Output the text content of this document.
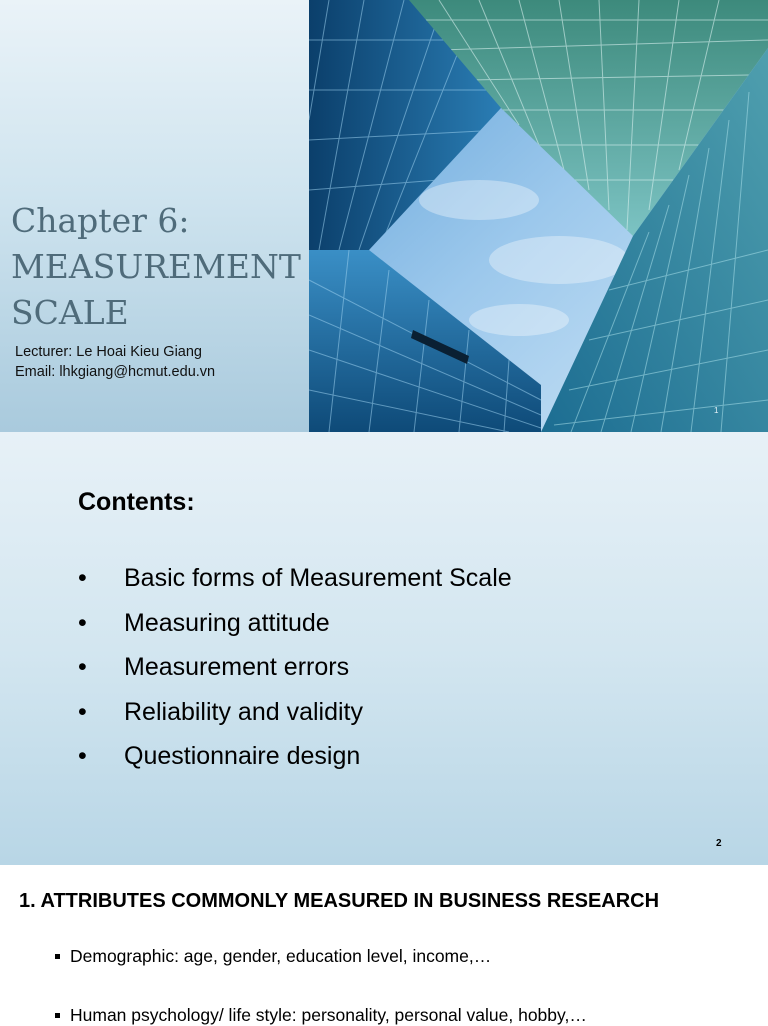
Chapter 6:
MEASUREMENT
SCALE
Lecturer: Le Hoai Kieu Giang
Email: lhkgiang@hcmut.edu.vn
1
Contents:
• Basic forms of Measurement Scale
• Measuring attitude
• Measurement errors
• Reliability and validity
• Questionnaire design
2
1. ATTRIBUTES COMMONLY MEASURED IN BUSINESS RESEARCH
Demographic: age, gender, education level, income,…
Human psychology/ life style: personality, personal value, hobby,…
